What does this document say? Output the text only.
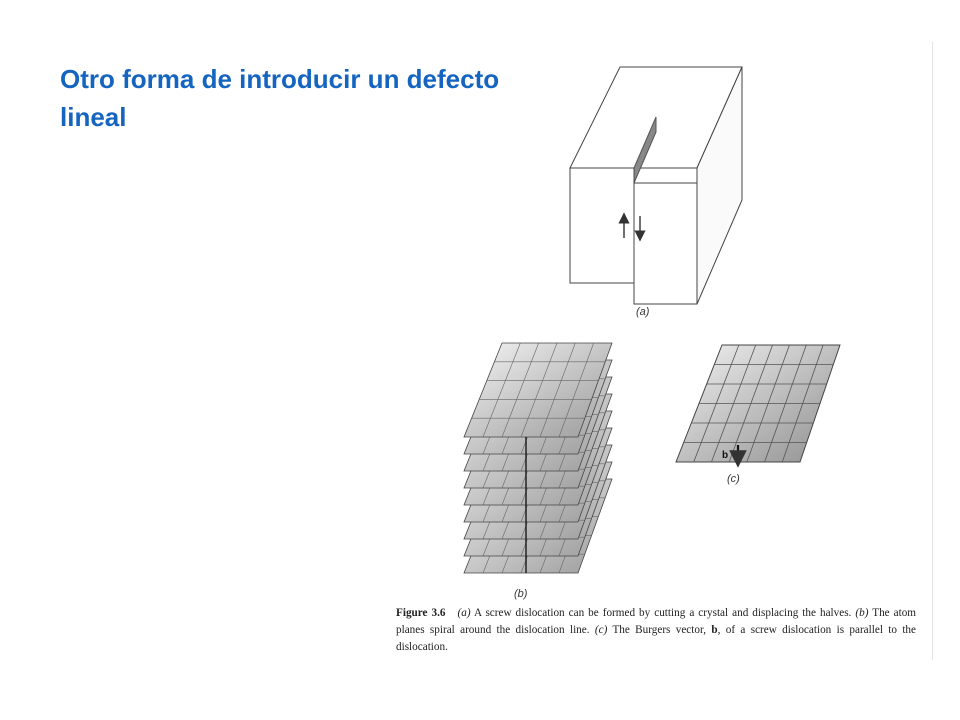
Otro forma de introducir un defecto lineal
(a)
(b)
b
(c)

Figure 3.6 (a) A screw dislocation can be formed by cutting a crystal and displacing the halves. (b) The atom planes spiral around the dislocation line. (c) The Burgers vector, b, of a screw dislocation is parallel to the dislocation.
